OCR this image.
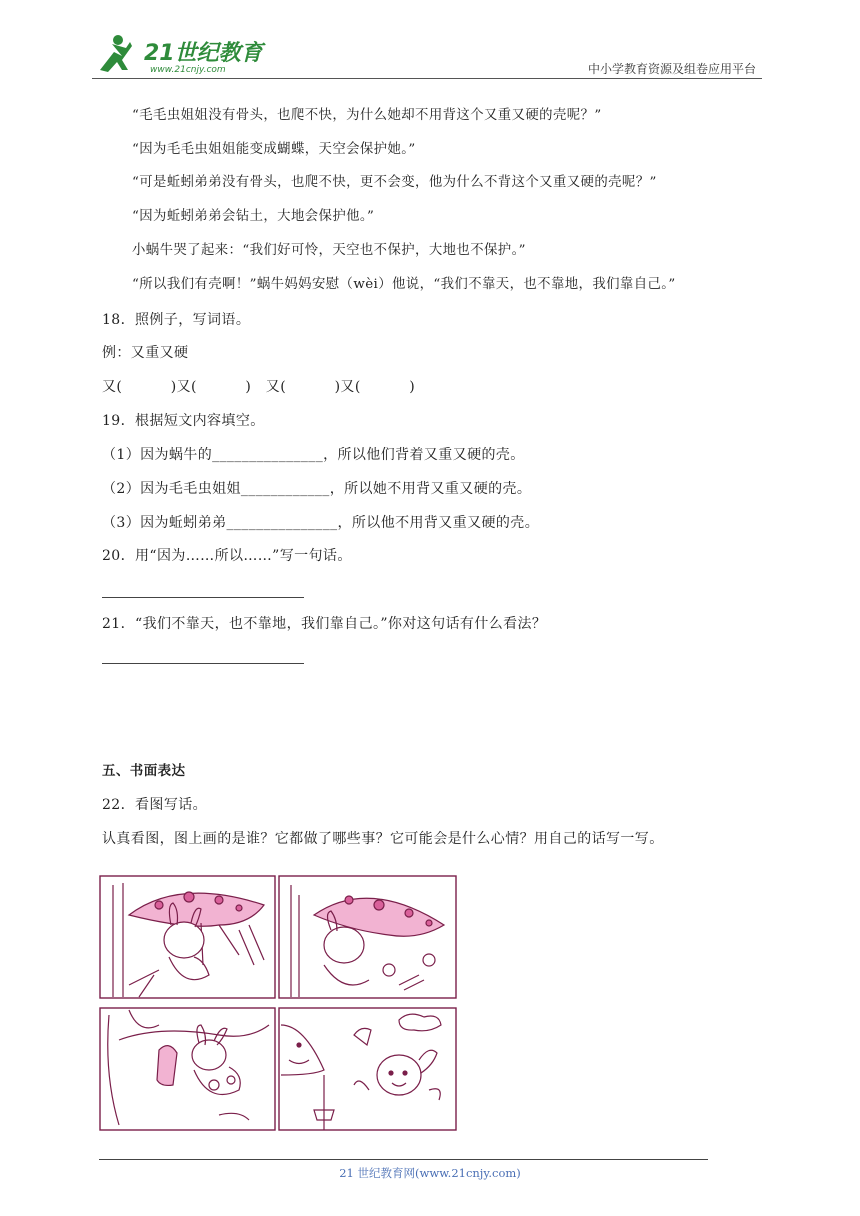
21世纪教育
www.21cnjy.com	中小学教育资源及组卷应用平台
“毛毛虫姐姐没有骨头，也爬不快，为什么她却不用背这个又重又硬的壳呢？”
“因为毛毛虫姐姐能变成蝴蝶，天空会保护她。”
“可是蚯蚓弟弟没有骨头，也爬不快，更不会变，他为什么不背这个又重又硬的壳呢？”
“因为蚯蚓弟弟会钻土，大地会保护他。”
小蜗牛哭了起来：“我们好可怜，天空也不保护，大地也不保护。”
“所以我们有壳啊！”蜗牛妈妈安慰（wèi）他说，“我们不靠天，也不靠地，我们靠自己。”
18．照例子，写词语。
例：又重又硬
又(          )又(          )   又(          )又(          )
19．根据短文内容填空。
（1）因为蜗牛的_______________，所以他们背着又重又硬的壳。
（2）因为毛毛虫姐姐____________，所以她不用背又重又硬的壳。
（3）因为蚯蚓弟弟_______________，所以他不用背又重又硬的壳。
20．用“因为……所以……”写一句话。
21．“我们不靠天，也不靠地，我们靠自己。”你对这句话有什么看法？
五、书面表达
22．看图写话。
认真看图，图上画的是谁？它都做了哪些事？它可能会是什么心情？用自己的话写一写。
21 世纪教育网(www.21cnjy.com)
